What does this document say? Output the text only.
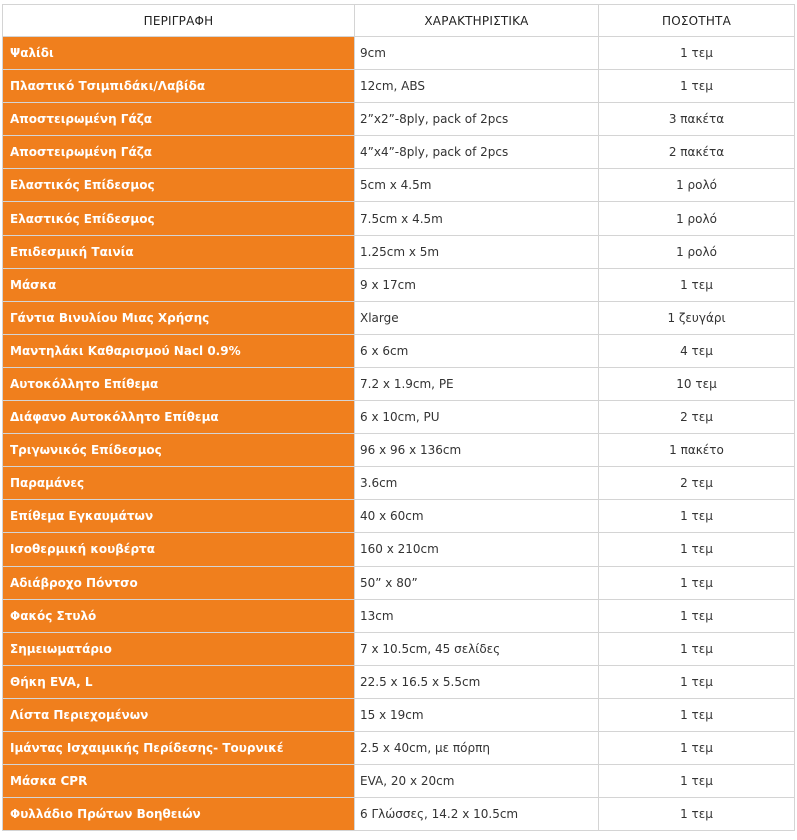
ΠΕΡΙΓΡΑΦΗ	ΧΑΡΑΚΤΗΡΙΣΤΙΚΑ	ΠΟΣΟΤΗΤΑ
Ψαλίδι	9cm	1 τεμ
Πλαστικό Τσιμπιδάκι/Λαβίδα	12cm, ABS	1 τεμ
Αποστειρωμένη Γάζα	2”x2”-8ply, pack of 2pcs	3 πακέτα
Αποστειρωμένη Γάζα	4”x4”-8ply, pack of 2pcs	2 πακέτα
Ελαστικός Επίδεσμος	5cm x 4.5m	1 ρολό
Ελαστικός Επίδεσμος	7.5cm x 4.5m	1 ρολό
Επιδεσμική Ταινία	1.25cm x 5m	1 ρολό
Μάσκα	9 x 17cm	1 τεμ
Γάντια Βινυλίου Μιας Χρήσης	Xlarge	1 ζευγάρι
Μαντηλάκι Καθαρισμού Nacl 0.9%	6 x 6cm	4 τεμ
Αυτοκόλλητο Επίθεμα	7.2 x 1.9cm, PE	10 τεμ
Διάφανο Αυτοκόλλητο Επίθεμα	6 x 10cm, PU	2 τεμ
Τριγωνικός Επίδεσμος	96 x 96 x 136cm	1 πακέτο
Παραμάνες	3.6cm	2 τεμ
Επίθεμα Εγκαυμάτων	40 x 60cm	1 τεμ
Ισοθερμική κουβέρτα	160 x 210cm	1 τεμ
Αδιάβροχο Πόντσο	50” x 80”	1 τεμ
Φακός Στυλό	13cm	1 τεμ
Σημειωματάριο	7 x 10.5cm, 45 σελίδες	1 τεμ
Θήκη EVA, L	22.5 x 16.5 x 5.5cm	1 τεμ
Λίστα Περιεχομένων	15 x 19cm	1 τεμ
Ιμάντας Ισχαιμικής Περίδεσης- Τουρνικέ	2.5 x 40cm, με πόρπη	1 τεμ
Μάσκα CPR	EVA, 20 x 20cm	1 τεμ
Φυλλάδιο Πρώτων Βοηθειών	6 Γλώσσες, 14.2 x 10.5cm	1 τεμ
